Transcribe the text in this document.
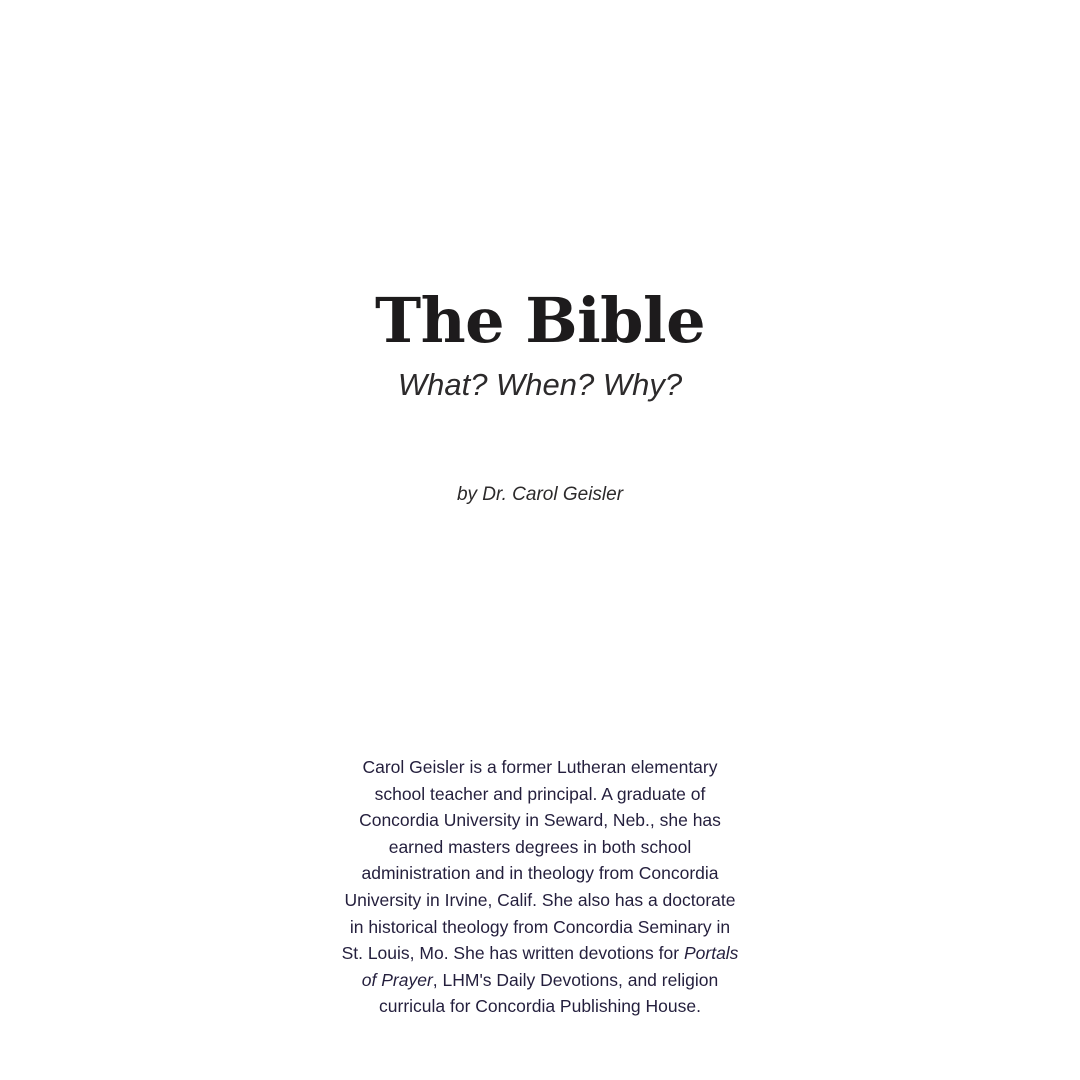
The Bible
What? When? Why?
by Dr. Carol Geisler
Carol Geisler is a former Lutheran elementary school teacher and principal. A graduate of Concordia University in Seward, Neb., she has earned masters degrees in both school administration and in theology from Concordia University in Irvine, Calif. She also has a doctorate in historical theology from Concordia Seminary in St. Louis, Mo. She has written devotions for Portals of Prayer, LHM's Daily Devotions, and religion curricula for Concordia Publishing House.
